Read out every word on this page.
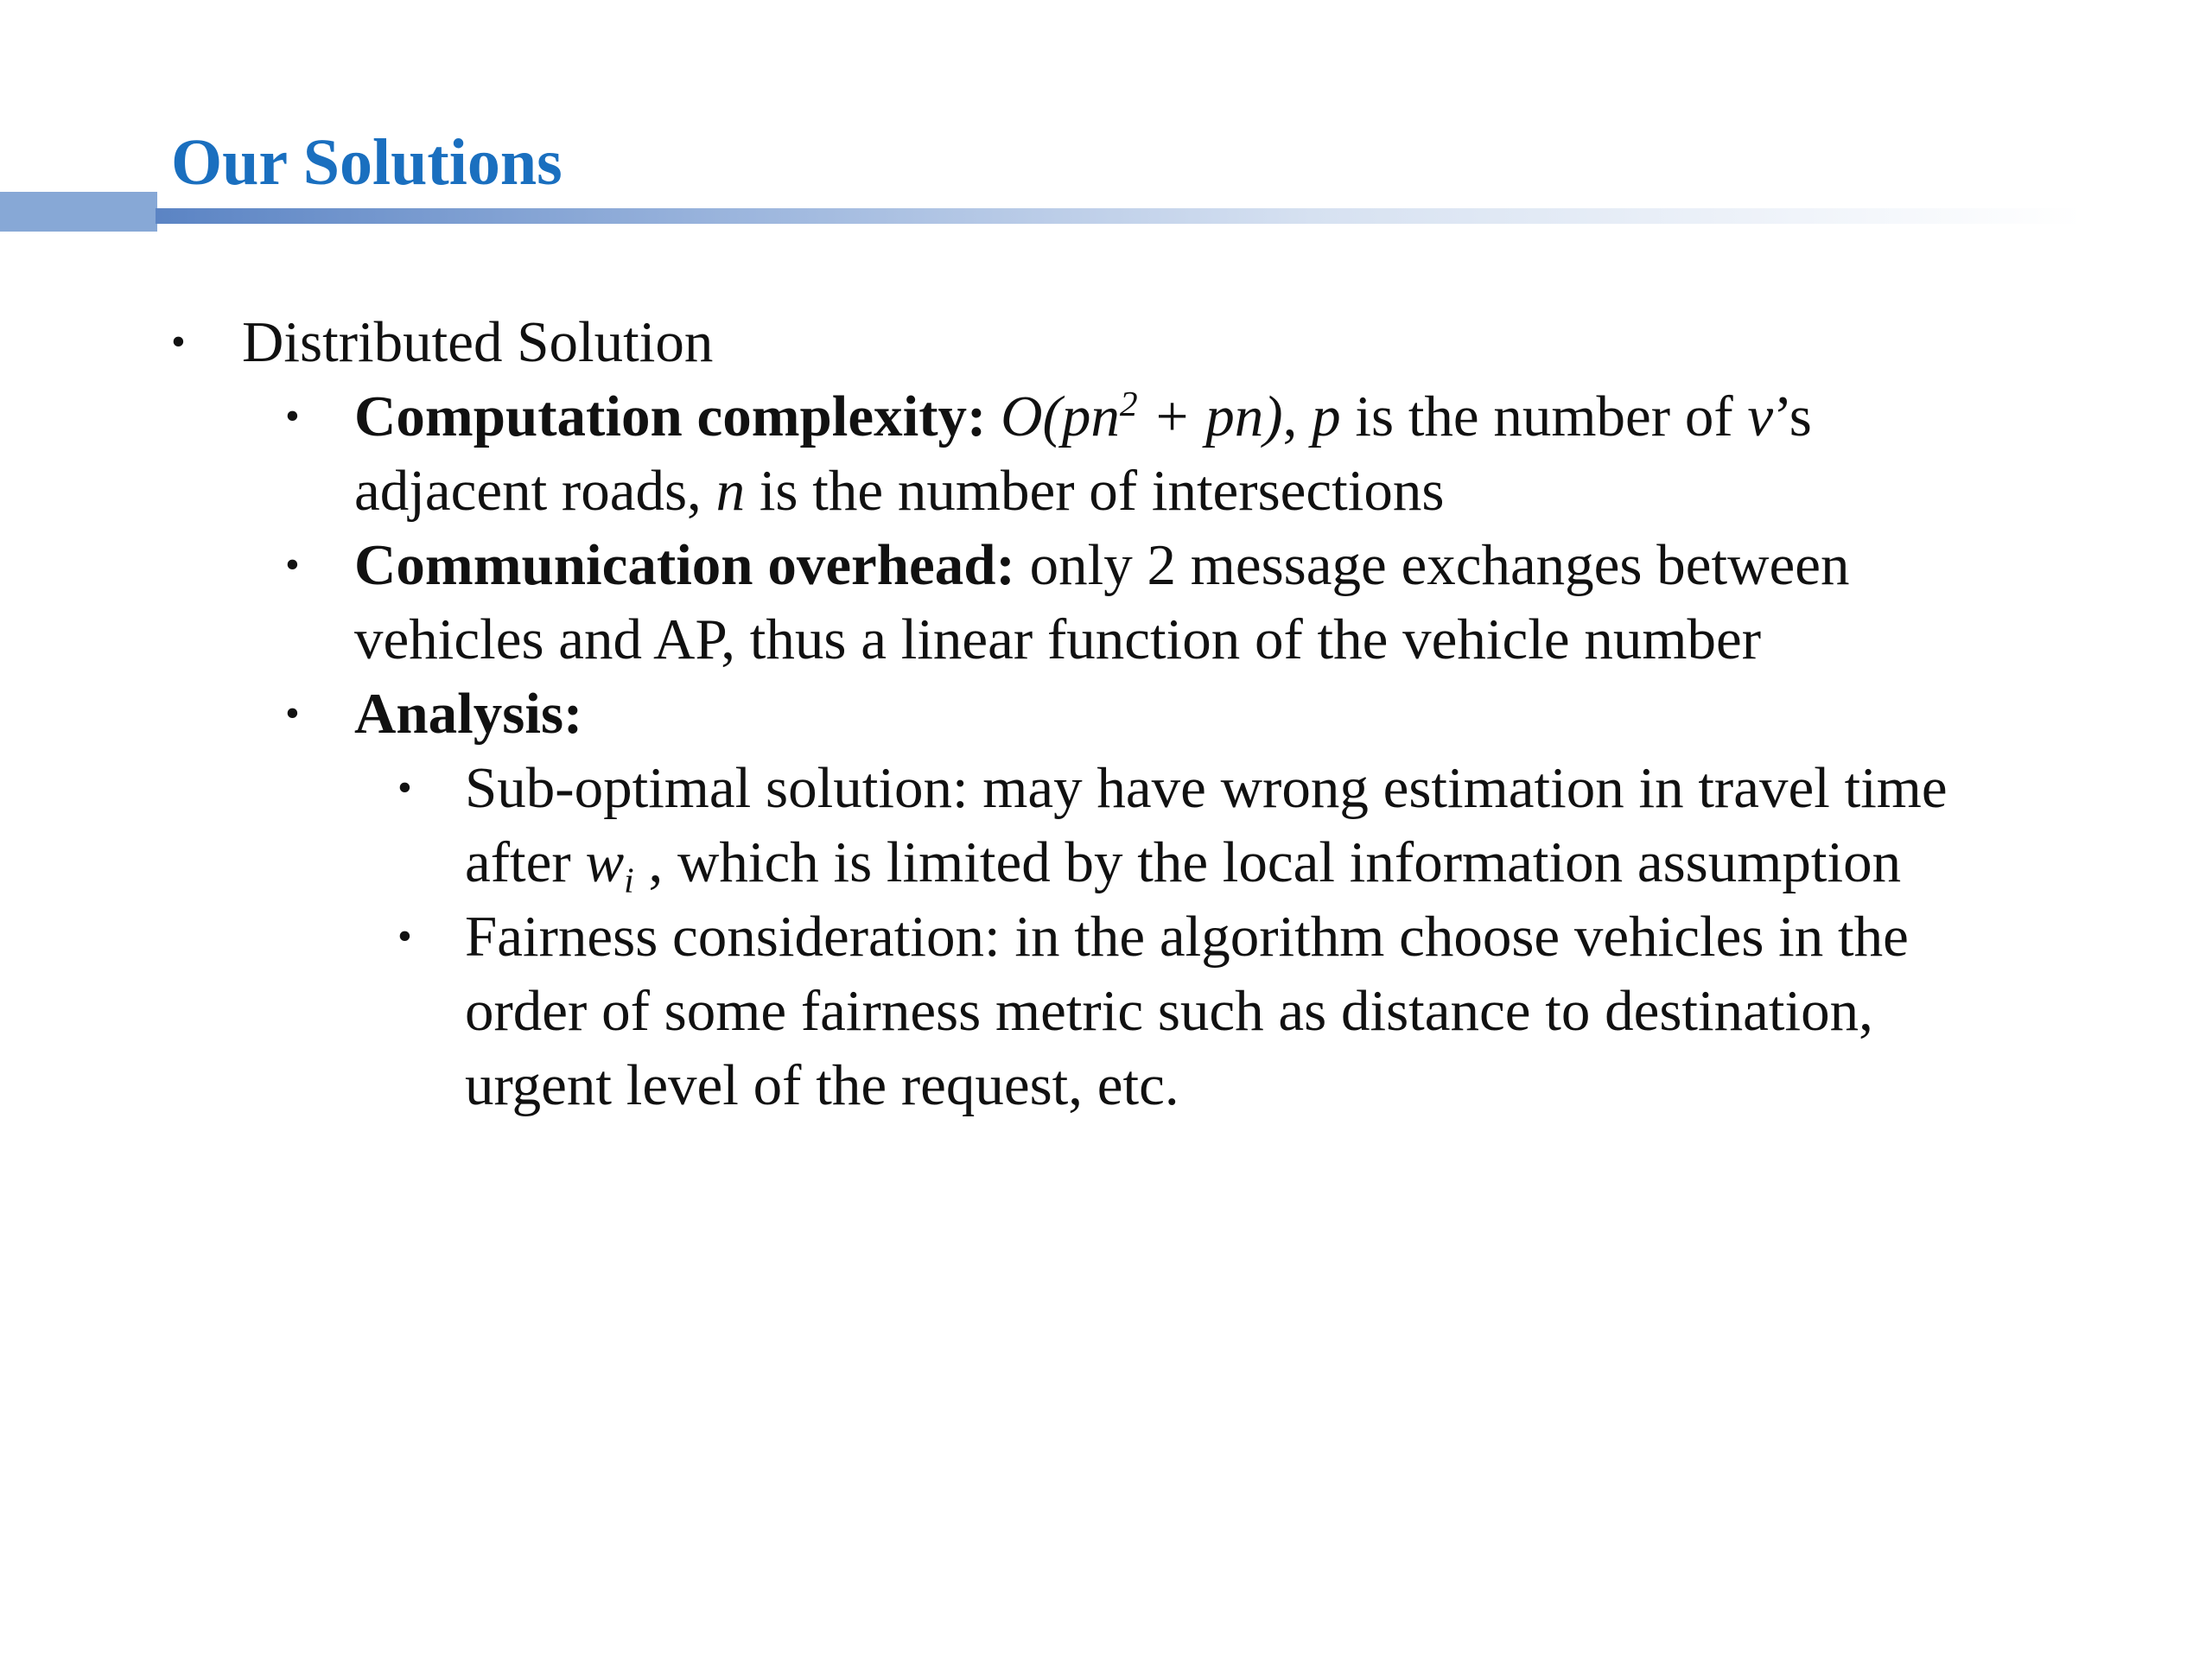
Our Solutions
• Distributed Solution
• Computation complexity: $O(pn^2 + pn)$, p is the number of v’s
adjacent roads, n is the number of intersections
• Communication overhead: only 2 message exchanges between
vehicles and AP, thus a linear function of the vehicle number
• Analysis:
• Sub-optimal solution: may have wrong estimation in travel time
after $w_i$ , which is limited by the local information assumption
• Fairness consideration: in the algorithm choose vehicles in the
order of some fairness metric such as distance to destination,
urgent level of the request, etc.
